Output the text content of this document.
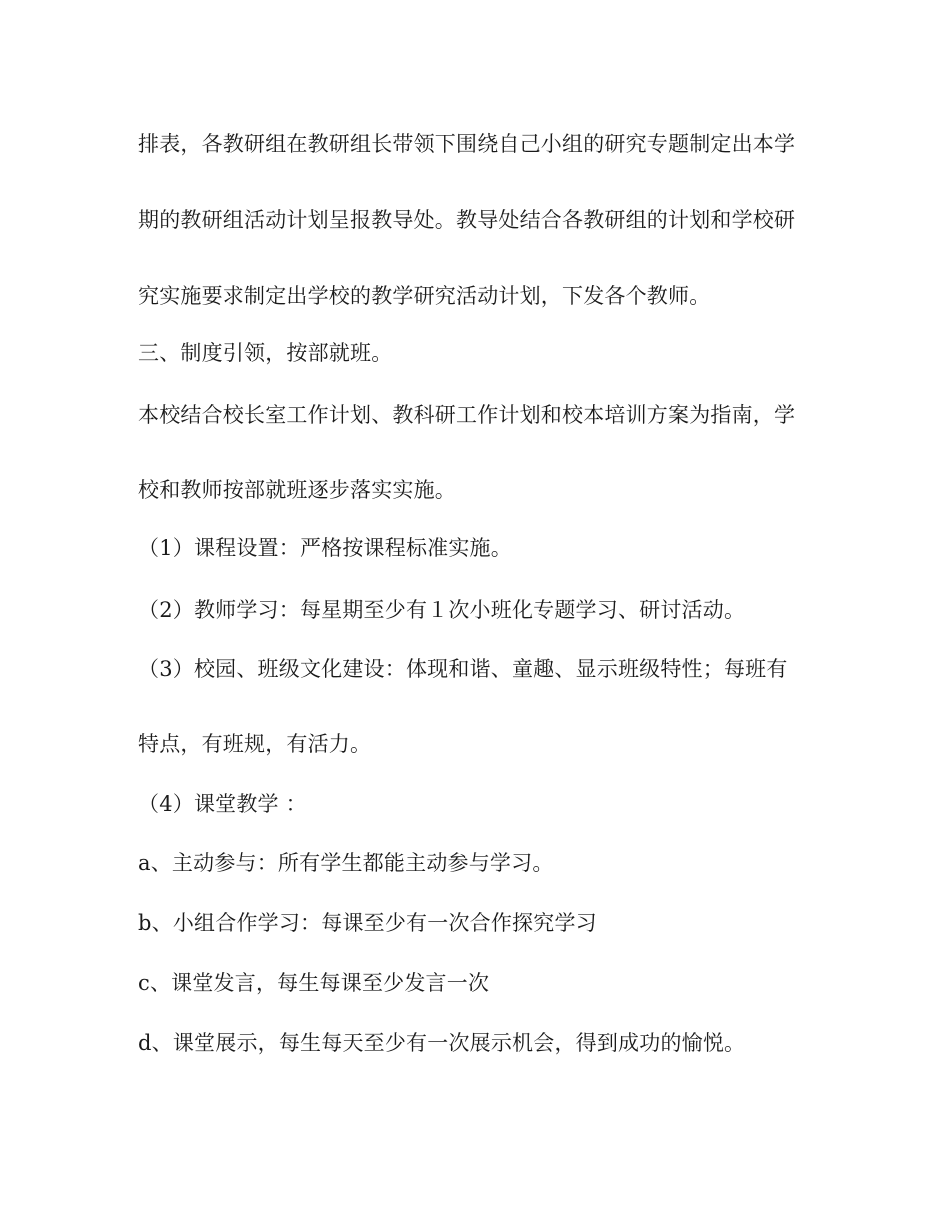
排表，各教研组在教研组长带领下围绕自己小组的研究专题制定出本学
期的教研组活动计划呈报教导处。教导处结合各教研组的计划和学校研
究实施要求制定出学校的教学研究活动计划，下发各个教师。
三、制度引领，按部就班。
本校结合校长室工作计划、教科研工作计划和校本培训方案为指南，学
校和教师按部就班逐步落实实施。
（1）课程设置：严格按课程标准实施。
（2）教师学习：每星期至少有１次小班化专题学习、研讨活动。
（3）校园、班级文化建设：体现和谐、童趣、显示班级特性；每班有
特点，有班规，有活力。
（4）课堂教学 ：
a、主动参与：所有学生都能主动参与学习。
b、小组合作学习：每课至少有一次合作探究学习
c、课堂发言，每生每课至少发言一次
d、课堂展示，每生每天至少有一次展示机会，得到成功的愉悦。
